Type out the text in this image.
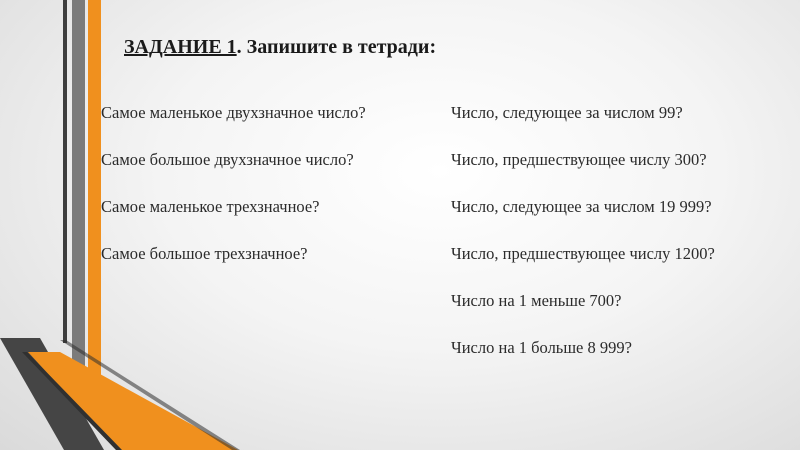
ЗАДАНИЕ 1. Запишите в тетради:
Самое маленькое двухзначное число?
Самое большое двухзначное число?
Самое маленькое трехзначное?
Самое большое трехзначное?
Число, следующее за числом 99?
Число, предшествующее числу 300?
Число, следующее за числом 19 999?
Число, предшествующее числу 1200?
Число на 1 меньше 700?
Число на 1 больше 8 999?
